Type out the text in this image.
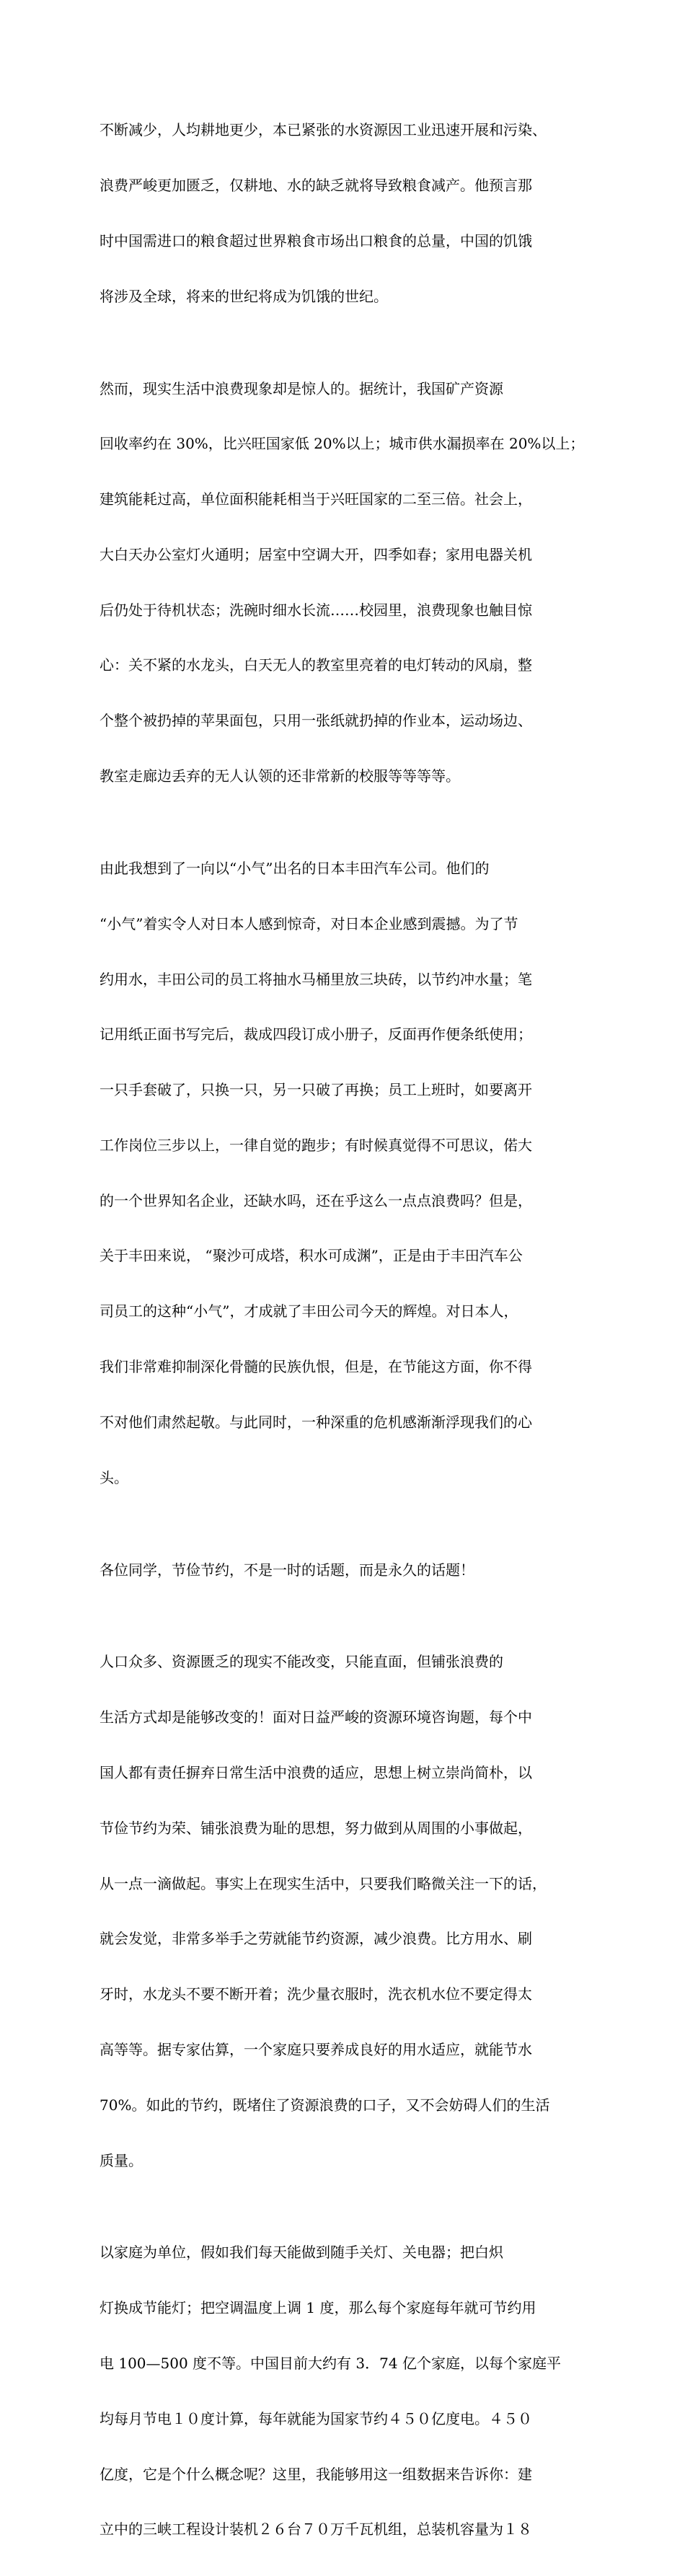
不断减少，人均耕地更少，本已紧张的水资源因工业迅速开展和污染、

浪费严峻更加匮乏，仅耕地、水的缺乏就将导致粮食减产。他预言那

时中国需进口的粮食超过世界粮食市场出口粮食的总量，中国的饥饿

将涉及全球，将来的世纪将成为饥饿的世纪。

然而，现实生活中浪费现象却是惊人的。据统计，我国矿产资源

回收率约在 30%，比兴旺国家低 20%以上；城市供水漏损率在 20%以上；

建筑能耗过高，单位面积能耗相当于兴旺国家的二至三倍。社会上，

大白天办公室灯火通明；居室中空调大开，四季如春；家用电器关机

后仍处于待机状态；洗碗时细水长流……校园里，浪费现象也触目惊

心：关不紧的水龙头，白天无人的教室里亮着的电灯转动的风扇，整

个整个被扔掉的苹果面包，只用一张纸就扔掉的作业本，运动场边、

教室走廊边丢弃的无人认领的还非常新的校服等等等等。

由此我想到了一向以“小气”出名的日本丰田汽车公司。他们的

“小气”着实令人对日本人感到惊奇，对日本企业感到震撼。为了节

约用水，丰田公司的员工将抽水马桶里放三块砖，以节约冲水量；笔

记用纸正面书写完后，裁成四段订成小册子，反面再作便条纸使用；

一只手套破了，只换一只，另一只破了再换；员工上班时，如要离开

工作岗位三步以上，一律自觉的跑步；有时候真觉得不可思议，偌大

的一个世界知名企业，还缺水吗，还在乎这么一点点浪费吗？但是，

关于丰田来说， “聚沙可成塔，积水可成渊”，正是由于丰田汽车公

司员工的这种“小气”，才成就了丰田公司今天的辉煌。对日本人，

我们非常难抑制深化骨髓的民族仇恨，但是，在节能这方面，你不得

不对他们肃然起敬。与此同时，一种深重的危机感渐渐浮现我们的心

头。

各位同学，节俭节约，不是一时的话题，而是永久的话题！

人口众多、资源匮乏的现实不能改变，只能直面，但铺张浪费的

生活方式却是能够改变的！面对日益严峻的资源环境咨询题，每个中

国人都有责任摒弃日常生活中浪费的适应，思想上树立崇尚简朴，以

节俭节约为荣、铺张浪费为耻的思想，努力做到从周围的小事做起，

从一点一滴做起。事实上在现实生活中，只要我们略微关注一下的话，

就会发觉，非常多举手之劳就能节约资源，减少浪费。比方用水、刷

牙时，水龙头不要不断开着；洗少量衣服时，洗衣机水位不要定得太

高等等。据专家估算，一个家庭只要养成良好的用水适应，就能节水

70%。如此的节约，既堵住了资源浪费的口子，又不会妨碍人们的生活

质量。

以家庭为单位，假如我们每天能做到随手关灯、关电器；把白炽

灯换成节能灯；把空调温度上调 1 度，那么每个家庭每年就可节约用

电 100—500 度不等。中国目前大约有 3．74 亿个家庭，以每个家庭平

均每月节电１０度计算，每年就能为国家节约４５０亿度电。４５０

亿度，它是个什么概念呢？这里，我能够用这一组数据来告诉你：建

立中的三峡工程设计装机２６台７０万千瓦机组，总装机容量为１８
